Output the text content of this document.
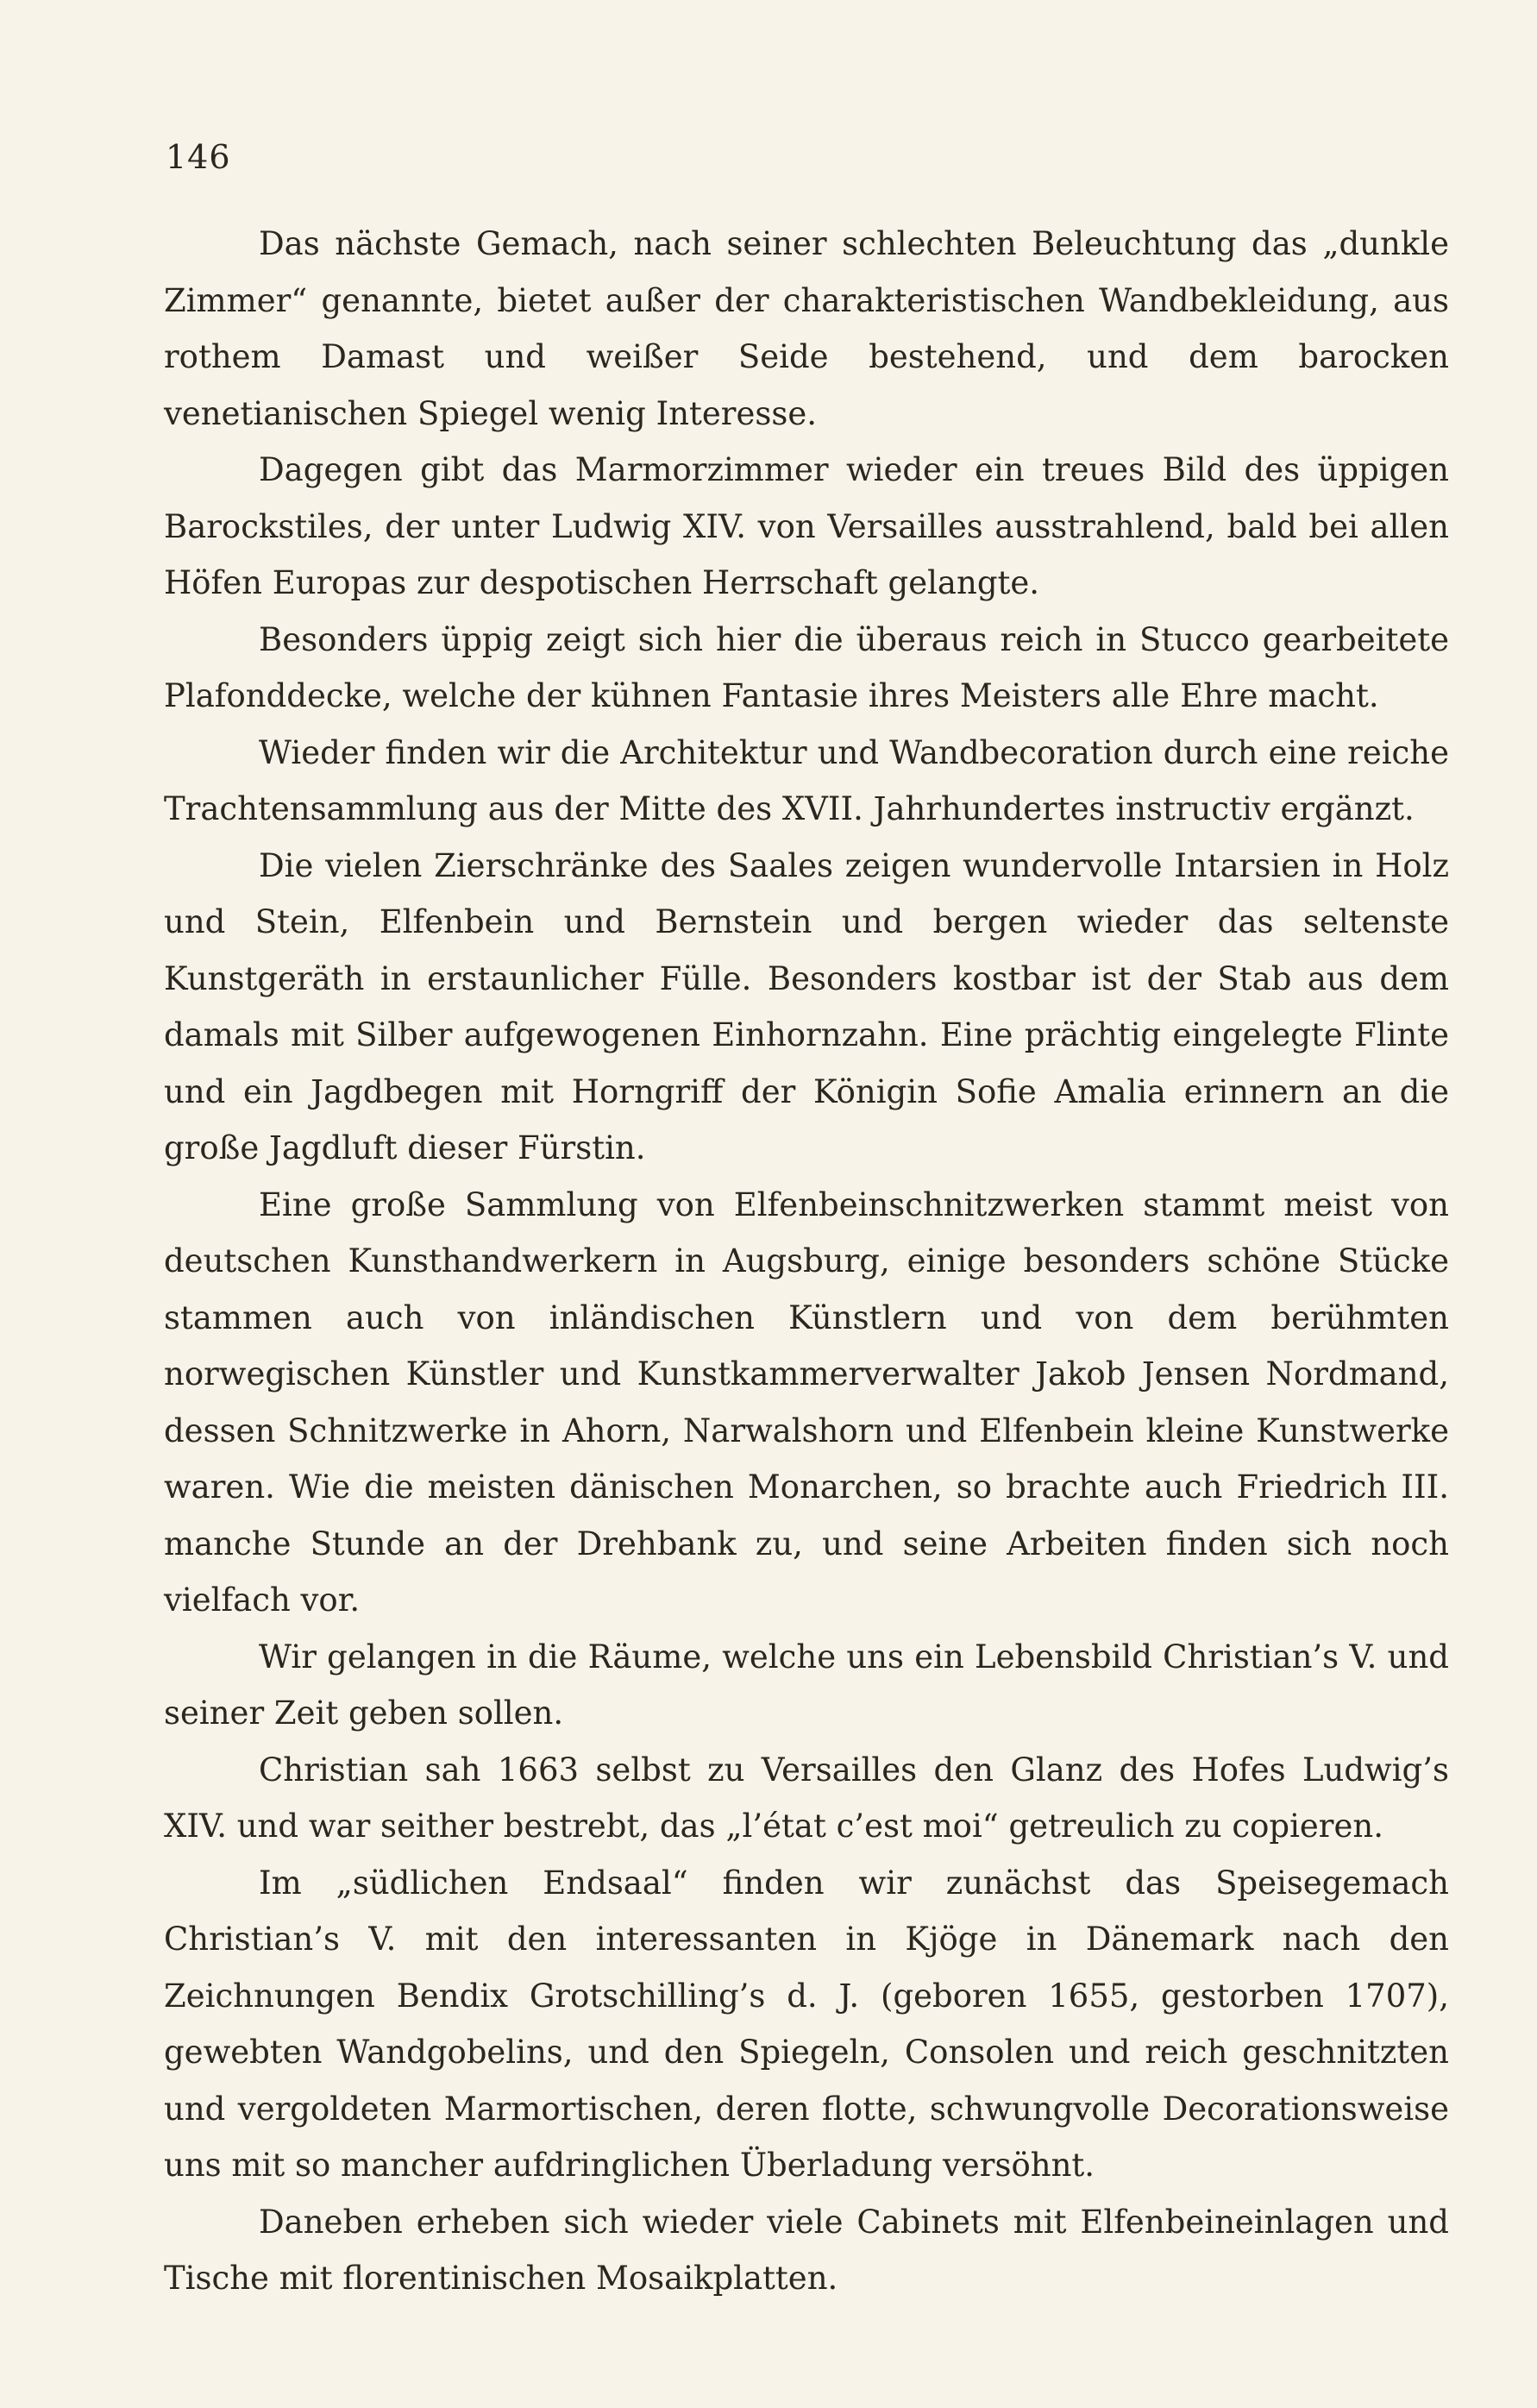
146

Das nächste Gemach, nach seiner schlechten Beleuchtung das „dunkle Zimmer“ genannte, bietet außer der charakteristischen Wandbekleidung, aus rothem Damast und weißer Seide bestehend, und dem barocken venetianischen Spiegel wenig Interesse.

Dagegen gibt das Marmorzimmer wieder ein treues Bild des üppigen Barockstiles, der unter Ludwig XIV. von Versailles ausstrahlend, bald bei allen Höfen Europas zur despotischen Herrschaft gelangte.

Besonders üppig zeigt sich hier die überaus reich in Stucco gearbeitete Plafonddecke, welche der kühnen Fantasie ihres Meisters alle Ehre macht.

Wieder finden wir die Architektur und Wandbecoration durch eine reiche Trachtensammlung aus der Mitte des XVII. Jahrhundertes instructiv ergänzt.

Die vielen Zierschränke des Saales zeigen wundervolle Intarsien in Holz und Stein, Elfenbein und Bernstein und bergen wieder das seltenste Kunstgeräth in erstaunlicher Fülle. Besonders kostbar ist der Stab aus dem damals mit Silber aufgewogenen Einhornzahn. Eine prächtig eingelegte Flinte und ein Jagdbegen mit Horngriff der Königin Sofie Amalia erinnern an die große Jagdluft dieser Fürstin.

Eine große Sammlung von Elfenbeinschnitzwerken stammt meist von deutschen Kunsthandwerkern in Augsburg, einige besonders schöne Stücke stammen auch von inländischen Künstlern und von dem berühmten norwegischen Künstler und Kunstkammerverwalter Jakob Jensen Nordmand, dessen Schnitzwerke in Ahorn, Narwalshorn und Elfenbein kleine Kunstwerke waren. Wie die meisten dänischen Monarchen, so brachte auch Friedrich III. manche Stunde an der Drehbank zu, und seine Arbeiten finden sich noch vielfach vor.

Wir gelangen in die Räume, welche uns ein Lebensbild Christian’s V. und seiner Zeit geben sollen.

Christian sah 1663 selbst zu Versailles den Glanz des Hofes Ludwig’s XIV. und war seither bestrebt, das „l’état c’est moi“ getreulich zu copieren.

Im „südlichen Endsaal“ finden wir zunächst das Speisegemach Christian’s V. mit den interessanten in Kjöge in Dänemark nach den Zeichnungen Bendix Grotschilling’s d. J. (geboren 1655, gestorben 1707), gewebten Wandgobelins, und den Spiegeln, Consolen und reich geschnitzten und vergoldeten Marmortischen, deren flotte, schwungvolle Decorationsweise uns mit so mancher aufdringlichen Überladung versöhnt.

Daneben erheben sich wieder viele Cabinets mit Elfenbeineinlagen und Tische mit florentinischen Mosaikplatten.
